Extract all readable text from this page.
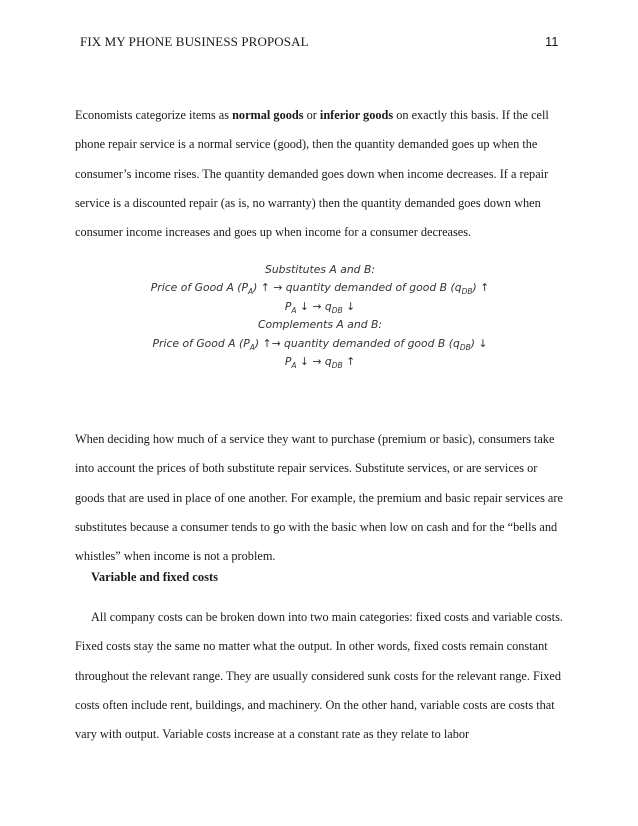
FIX MY PHONE BUSINESS PROPOSAL	11

Economists categorize items as normal goods or inferior goods on exactly this basis. If the cell phone repair service is a normal service (good), then the quantity demanded goes up when the consumer’s income rises. The quantity demanded goes down when income decreases. If a repair service is a discounted repair (as is, no warranty) then the quantity demanded goes down when consumer income increases and goes up when income for a consumer decreases.

Substitutes A and B:
Price of Good A $(P_A)$ ↑ → quantity demanded of good B $(q_{DB})$ ↑
$P_A$ ↓ → $q_{DB}$ ↓
Complements A and B:
Price of Good A $(P_A)$ ↑→ quantity demanded of good B $(q_{DB})$ ↓
$P_A$ ↓ → $q_{DB}$ ↑

When deciding how much of a service they want to purchase (premium or basic), consumers take into account the prices of both substitute repair services. Substitute services, or are services or goods that are used in place of one another. For example, the premium and basic repair services are substitutes because a consumer tends to go with the basic when low on cash and for the “bells and whistles” when income is not a problem.

Variable and fixed costs

All company costs can be broken down into two main categories: fixed costs and variable costs. Fixed costs stay the same no matter what the output. In other words, fixed costs remain constant throughout the relevant range. They are usually considered sunk costs for the relevant range. Fixed costs often include rent, buildings, and machinery. On the other hand, variable costs are costs that vary with output. Variable costs increase at a constant rate as they relate to labor
